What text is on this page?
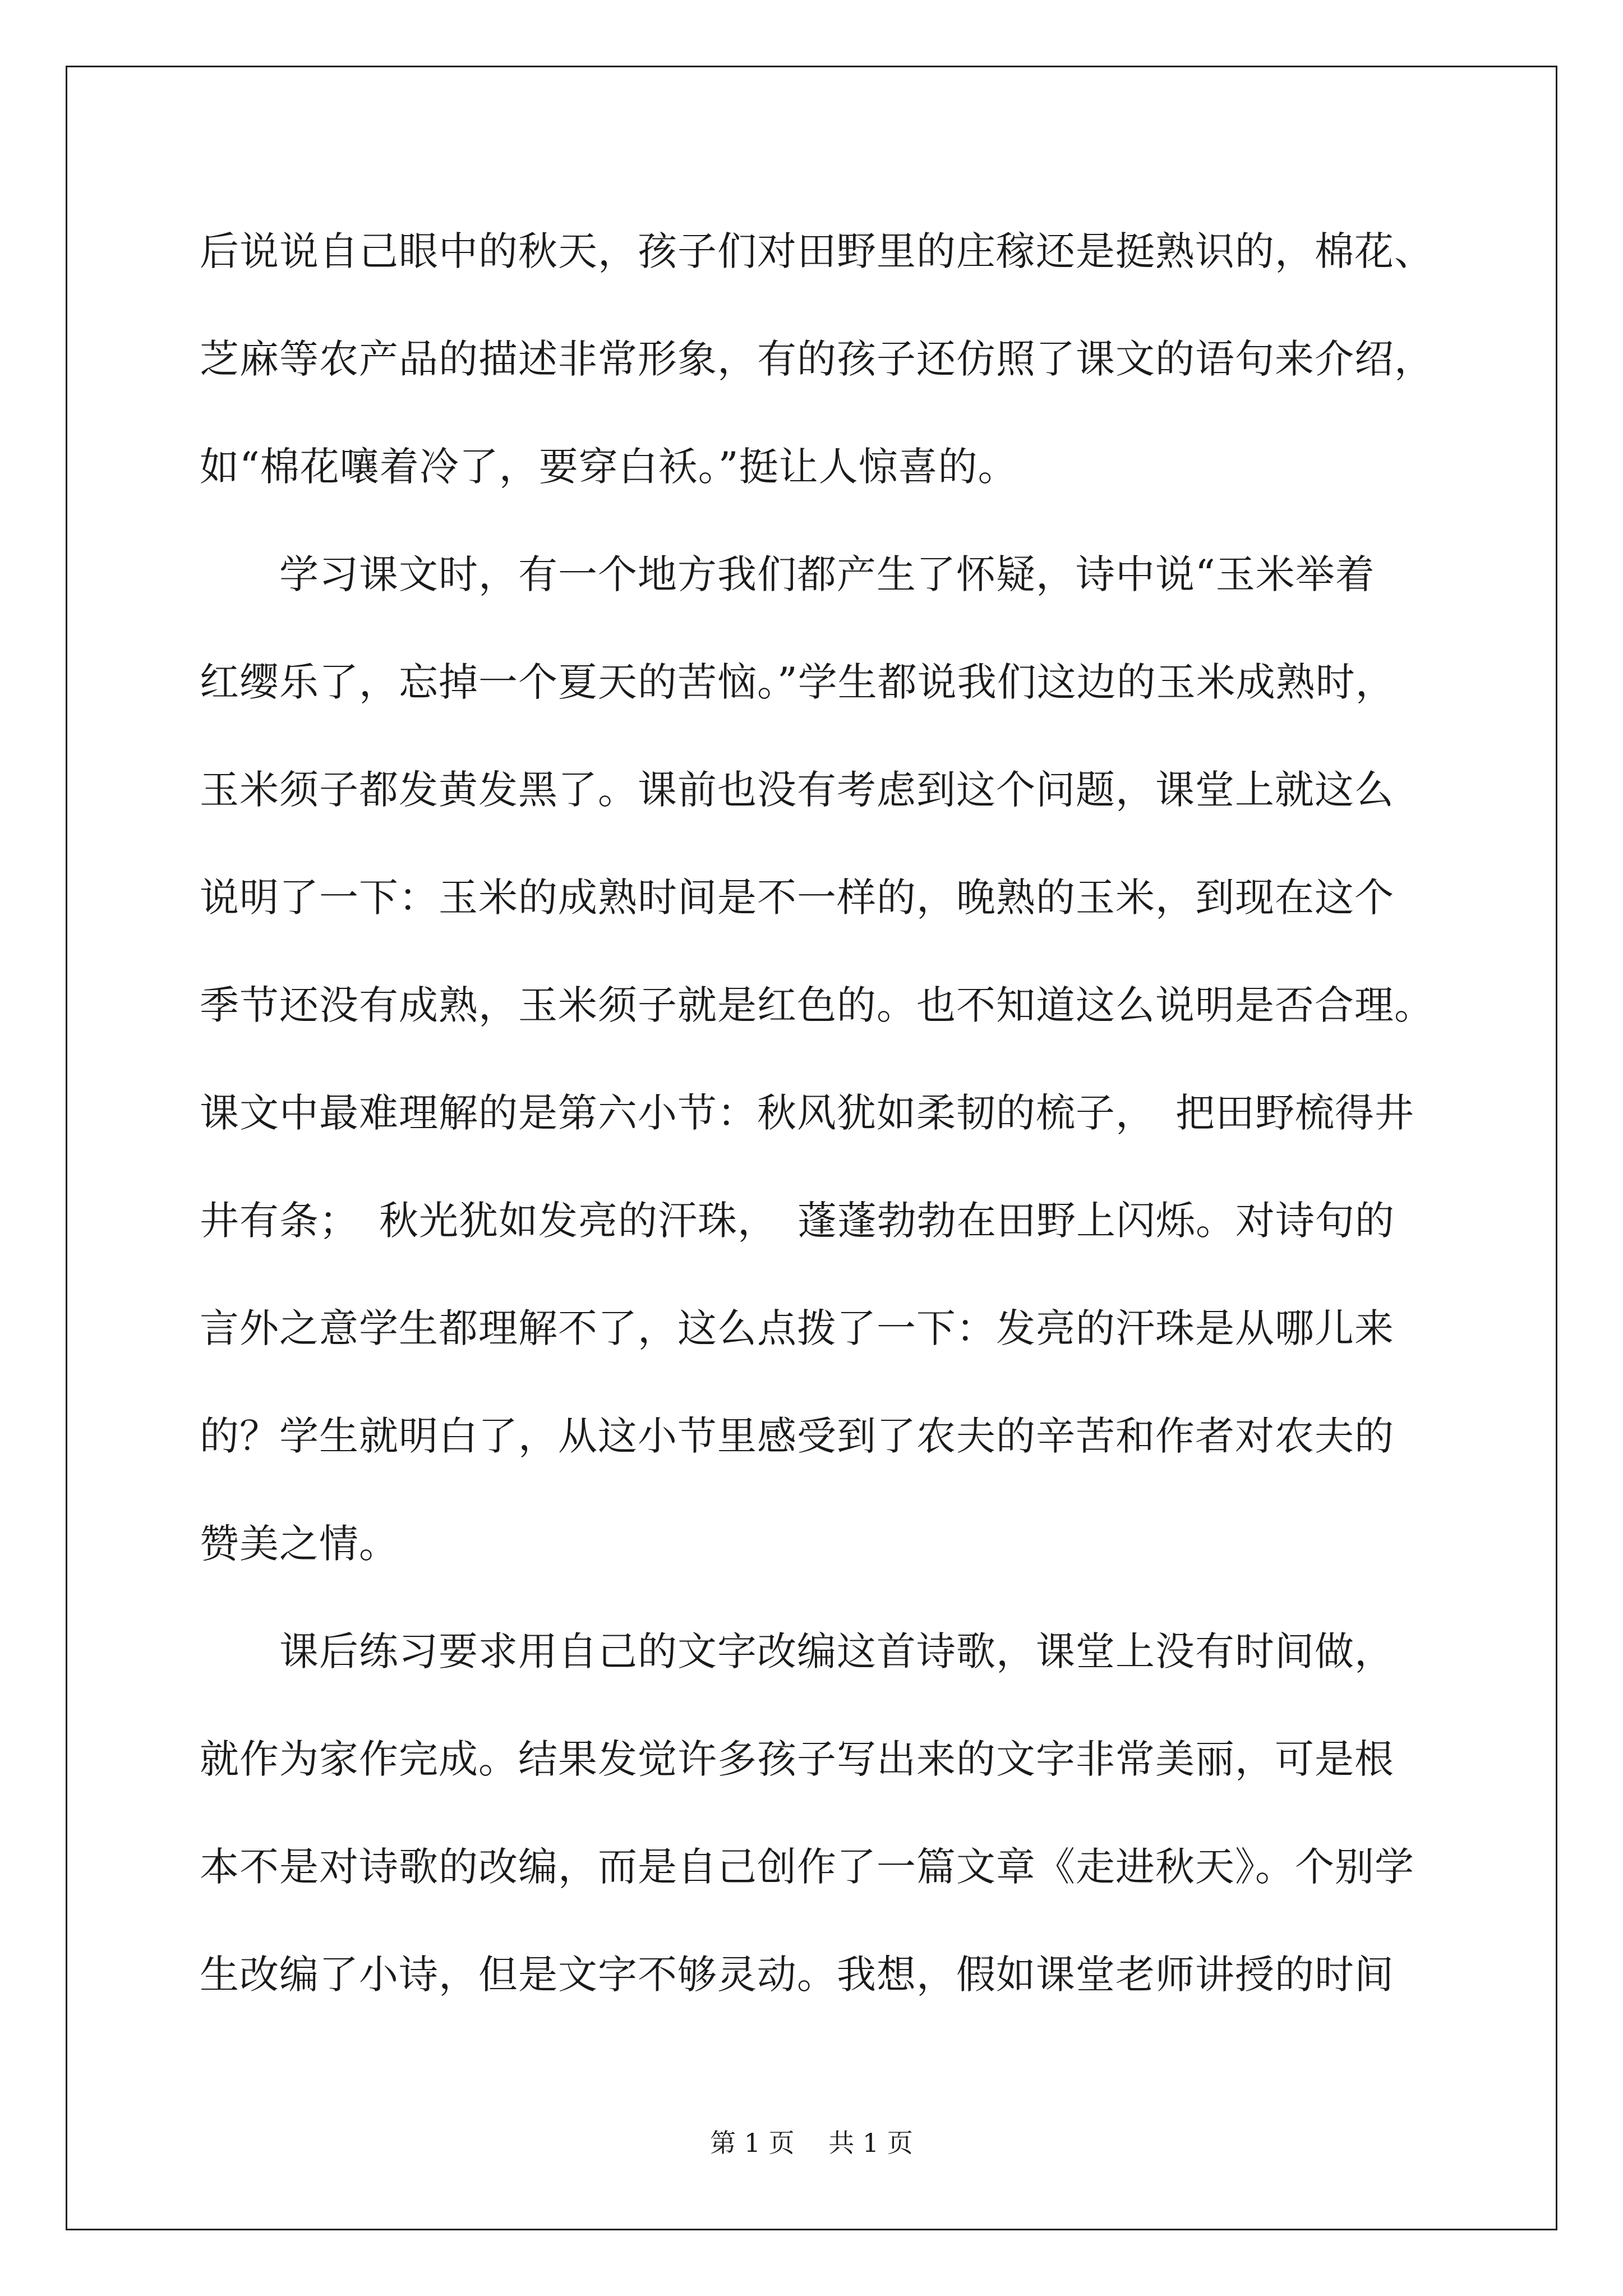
后说说自己眼中的秋天，孩子们对田野里的庄稼还是挺熟识的，棉花、
芝麻等农产品的描述非常形象，有的孩子还仿照了课文的语句来介绍，
如“棉花嚷着冷了，要穿白袄。”挺让人惊喜的。
　　学习课文时，有一个地方我们都产生了怀疑，诗中说“玉米举着
红缨乐了，忘掉一个夏天的苦恼。”学生都说我们这边的玉米成熟时，
玉米须子都发黄发黑了。课前也没有考虑到这个问题，课堂上就这么
说明了一下：玉米的成熟时间是不一样的，晚熟的玉米，到现在这个
季节还没有成熟，玉米须子就是红色的。也不知道这么说明是否合理。
课文中最难理解的是第六小节：秋风犹如柔韧的梳子，　把田野梳得井
井有条；　秋光犹如发亮的汗珠，　蓬蓬勃勃在田野上闪烁。对诗句的
言外之意学生都理解不了，这么点拨了一下：发亮的汗珠是从哪儿来
的？学生就明白了，从这小节里感受到了农夫的辛苦和作者对农夫的
赞美之情。
　　课后练习要求用自己的文字改编这首诗歌，课堂上没有时间做，
就作为家作完成。结果发觉许多孩子写出来的文字非常美丽，可是根
本不是对诗歌的改编，而是自己创作了一篇文章《走进秋天》。个别学
生改编了小诗，但是文字不够灵动。我想，假如课堂老师讲授的时间
第 1 页　 共 1 页
